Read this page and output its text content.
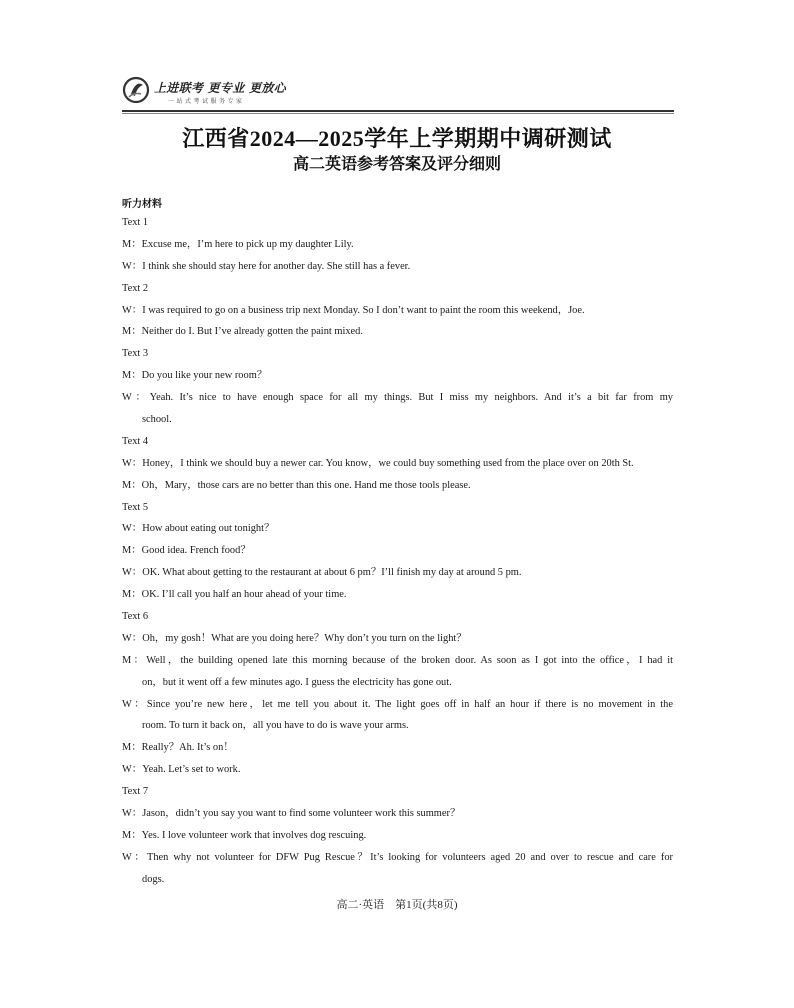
上进联考 更专业 更放心
一站式考试服务专家
江西省2024—2025学年上学期期中调研测试
高二英语参考答案及评分细则
听力材料
Text 1
M：Excuse me，I’m here to pick up my daughter Lily.
W：I think she should stay here for another day. She still has a fever.
Text 2
W：I was required to go on a business trip next Monday. So I don’t want to paint the room this weekend，Joe.
M：Neither do I. But I’ve already gotten the paint mixed.
Text 3
M：Do you like your new room？
W：Yeah. It’s nice to have enough space for all my things. But I miss my neighbors. And it’s a bit far from my
school.
Text 4
W：Honey，I think we should buy a newer car. You know，we could buy something used from the place over on 20th St.
M：Oh，Mary，those cars are no better than this one. Hand me those tools please.
Text 5
W：How about eating out tonight？
M：Good idea. French food？
W：OK. What about getting to the restaurant at about 6 pm？I’ll finish my day at around 5 pm.
M：OK. I’ll call you half an hour ahead of your time.
Text 6
W：Oh，my gosh！What are you doing here？Why don’t you turn on the light？
M：Well，the building opened late this morning because of the broken door. As soon as I got into the office，I had it
on，but it went off a few minutes ago. I guess the electricity has gone out.
W：Since you’re new here，let me tell you about it. The light goes off in half an hour if there is no movement in the
room. To turn it back on，all you have to do is wave your arms.
M：Really？Ah. It’s on！
W：Yeah. Let’s set to work.
Text 7
W：Jason，didn’t you say you want to find some volunteer work this summer？
M：Yes. I love volunteer work that involves dog rescuing.
W：Then why not volunteer for DFW Pug Rescue？It’s looking for volunteers aged 20 and over to rescue and care for
dogs.
高二·英语　第1页(共8页)
